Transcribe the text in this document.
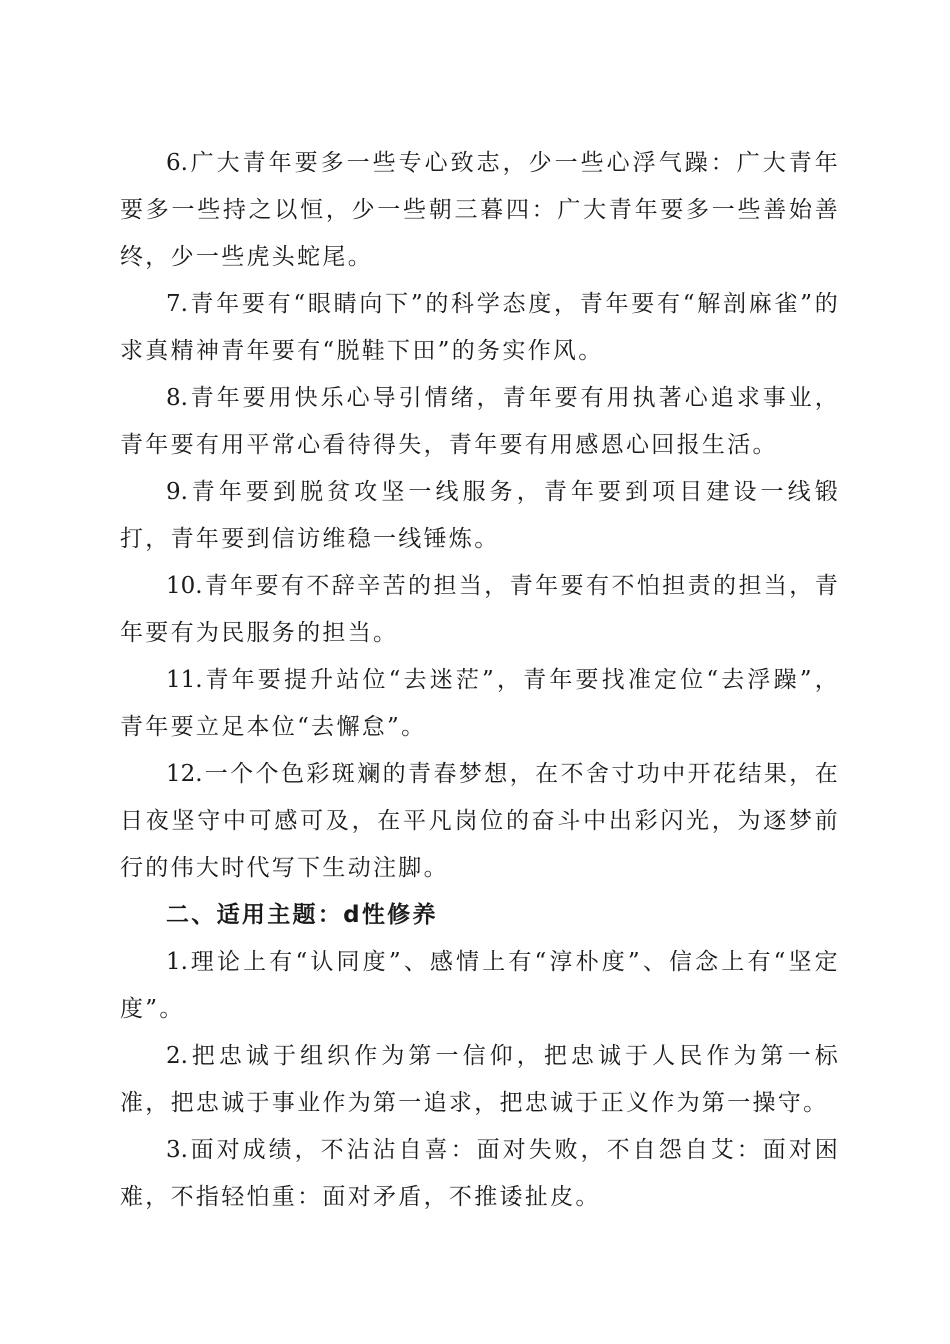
6.广大青年要多一些专心致志，少一些心浮气躁：广大青年要多一些持之以恒，少一些朝三暮四：广大青年要多一些善始善终，少一些虎头蛇尾。

7.青年要有“眼睛向下”的科学态度，青年要有“解剖麻雀”的求真精神青年要有“脱鞋下田”的务实作风。

8.青年要用快乐心导引情绪，青年要有用执著心追求事业，青年要有用平常心看待得失，青年要有用感恩心回报生活。

9.青年要到脱贫攻坚一线服务，青年要到项目建设一线锻打，青年要到信访维稳一线锤炼。

10.青年要有不辞辛苦的担当，青年要有不怕担责的担当，青年要有为民服务的担当。

11.青年要提升站位“去迷茫”，青年要找准定位“去浮躁”，青年要立足本位“去懈怠”。

12.一个个色彩斑斓的青春梦想，在不舍寸功中开花结果，在日夜坚守中可感可及，在平凡岗位的奋斗中出彩闪光，为逐梦前行的伟大时代写下生动注脚。

二、适用主题：d性修养

1.理论上有“认同度”、感情上有“淳朴度”、信念上有“坚定度”。

2.把忠诚于组织作为第一信仰，把忠诚于人民作为第一标准，把忠诚于事业作为第一追求，把忠诚于正义作为第一操守。

3.面对成绩，不沾沾自喜：面对失败，不自怨自艾：面对困难，不指轻怕重：面对矛盾，不推诿扯皮。
